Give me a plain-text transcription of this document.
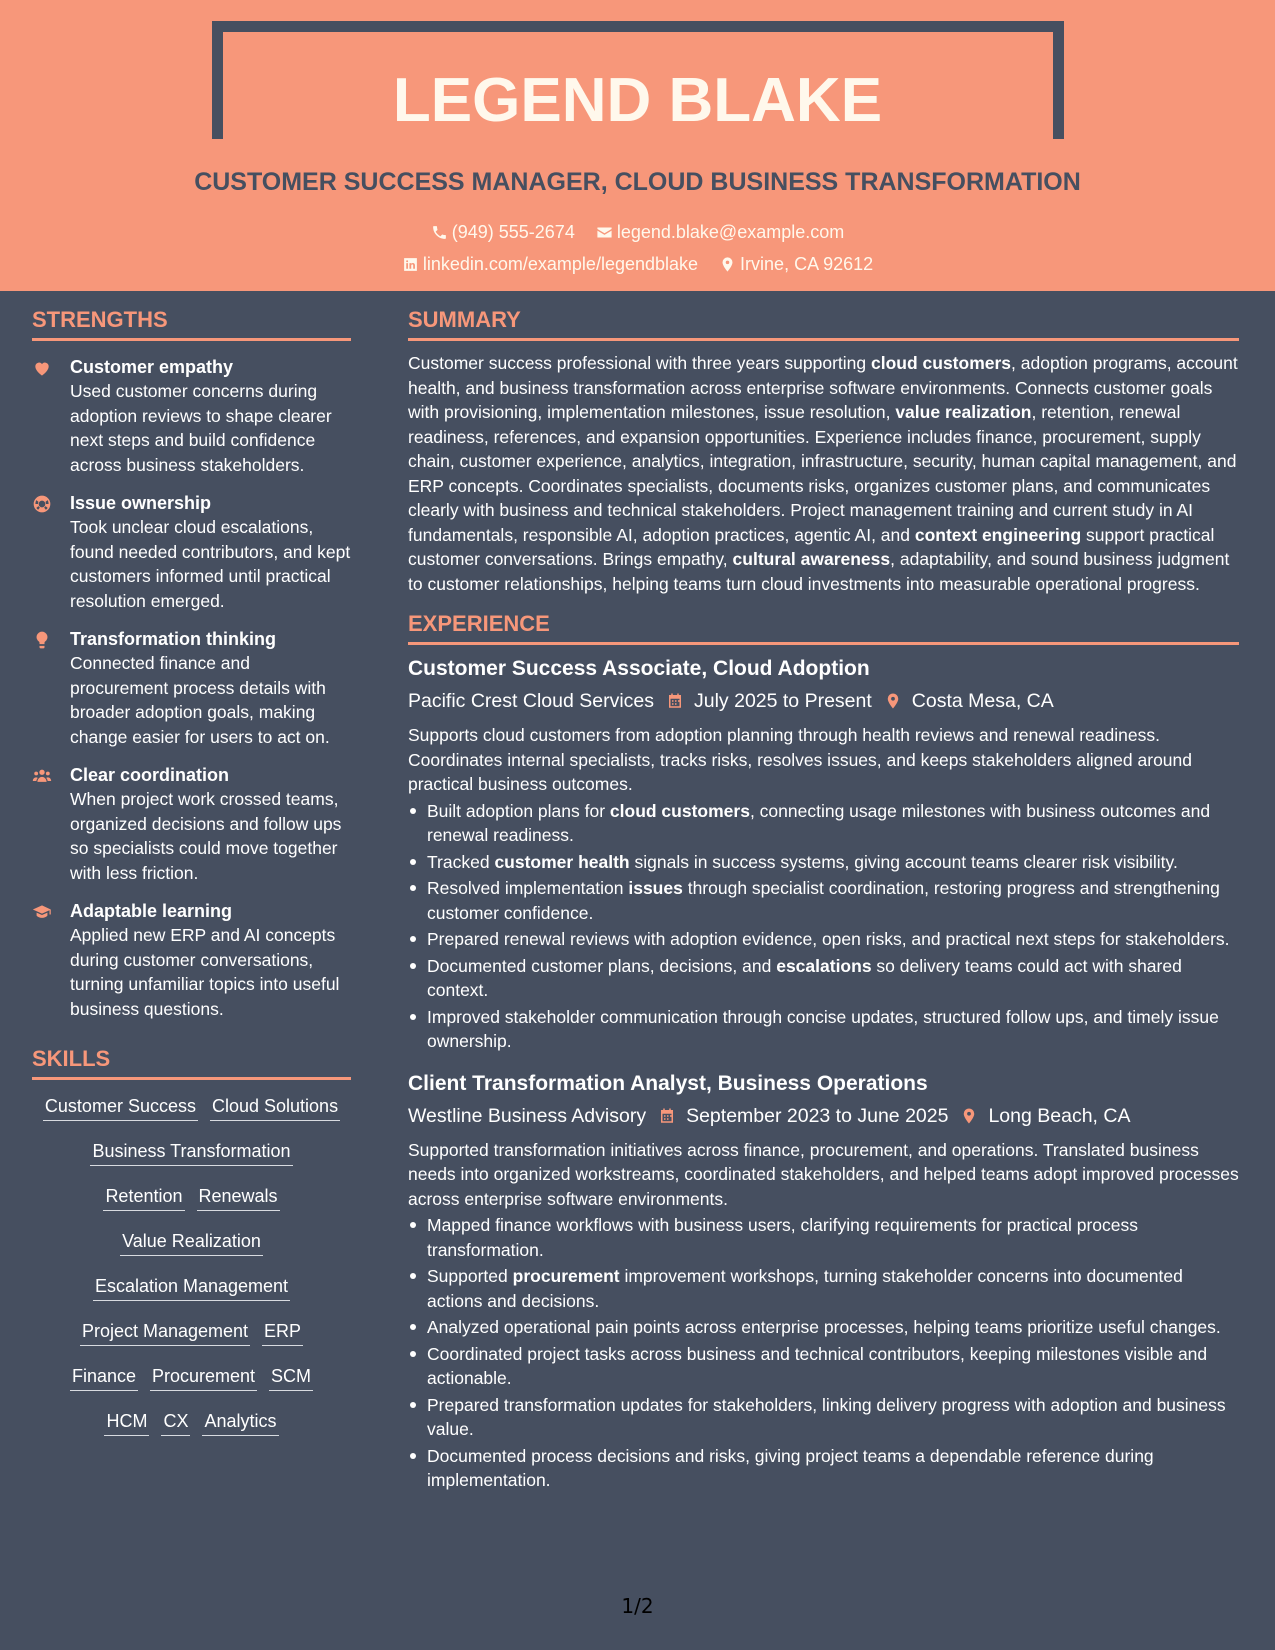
LEGEND BLAKE
CUSTOMER SUCCESS MANAGER, CLOUD BUSINESS TRANSFORMATION
(949) 555-2674
legend.blake@example.com
linkedin.com/example/legendblake
Irvine, CA 92612
STRENGTHS
Customer empathy
Used customer concerns during adoption reviews to shape clearer next steps and build confidence across business stakeholders.
Issue ownership
Took unclear cloud escalations, found needed contributors, and kept customers informed until practical resolution emerged.
Transformation thinking
Connected finance and procurement process details with broader adoption goals, making change easier for users to act on.
Clear coordination
When project work crossed teams, organized decisions and follow ups so specialists could move together with less friction.
Adaptable learning
Applied new ERP and AI concepts during customer conversations, turning unfamiliar topics into useful business questions.
SKILLS
Customer Success Cloud Solutions
Business Transformation
Retention Renewals
Value Realization
Escalation Management
Project Management ERP
Finance Procurement SCM
HCM CX Analytics
SUMMARY
Customer success professional with three years supporting cloud customers, adoption programs, account health, and business transformation across enterprise software environments. Connects customer goals with provisioning, implementation milestones, issue resolution, value realization, retention, renewal readiness, references, and expansion opportunities. Experience includes finance, procurement, supply chain, customer experience, analytics, integration, infrastructure, security, human capital management, and ERP concepts. Coordinates specialists, documents risks, organizes customer plans, and communicates clearly with business and technical stakeholders. Project management training and current study in AI fundamentals, responsible AI, adoption practices, agentic AI, and context engineering support practical customer conversations. Brings empathy, cultural awareness, adaptability, and sound business judgment to customer relationships, helping teams turn cloud investments into measurable operational progress.
EXPERIENCE
Customer Success Associate, Cloud Adoption
Pacific Crest Cloud Services July 2025 to Present Costa Mesa, CA
Supports cloud customers from adoption planning through health reviews and renewal readiness. Coordinates internal specialists, tracks risks, resolves issues, and keeps stakeholders aligned around practical business outcomes.
Built adoption plans for cloud customers, connecting usage milestones with business outcomes and renewal readiness.
Tracked customer health signals in success systems, giving account teams clearer risk visibility.
Resolved implementation issues through specialist coordination, restoring progress and strengthening customer confidence.
Prepared renewal reviews with adoption evidence, open risks, and practical next steps for stakeholders.
Documented customer plans, decisions, and escalations so delivery teams could act with shared context.
Improved stakeholder communication through concise updates, structured follow ups, and timely issue ownership.
Client Transformation Analyst, Business Operations
Westline Business Advisory September 2023 to June 2025 Long Beach, CA
Supported transformation initiatives across finance, procurement, and operations. Translated business needs into organized workstreams, coordinated stakeholders, and helped teams adopt improved processes across enterprise software environments.
Mapped finance workflows with business users, clarifying requirements for practical process transformation.
Supported procurement improvement workshops, turning stakeholder concerns into documented actions and decisions.
Analyzed operational pain points across enterprise processes, helping teams prioritize useful changes.
Coordinated project tasks across business and technical contributors, keeping milestones visible and actionable.
Prepared transformation updates for stakeholders, linking delivery progress with adoption and business value.
Documented process decisions and risks, giving project teams a dependable reference during implementation.
1/2
